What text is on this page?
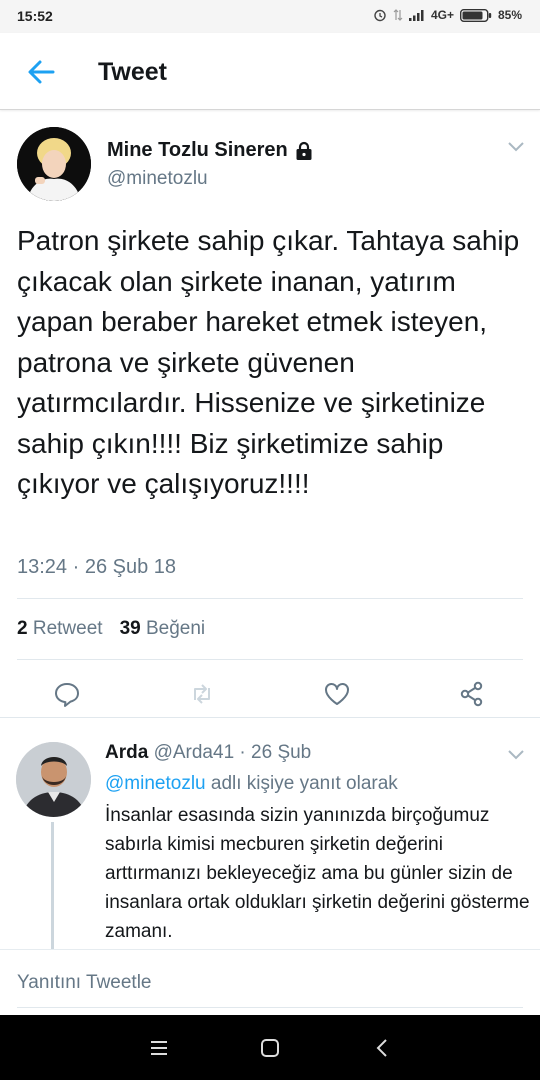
15:52	4G+	85%
Tweet
Mine Tozlu Sineren
@minetozlu

Patron şirkete sahip çıkar. Tahtaya sahip çıkacak olan şirkete inanan, yatırım yapan beraber hareket etmek isteyen, patrona ve şirkete güvenen yatırmcılardır. Hissenize ve şirketinize sahip çıkın!!!! Biz şirketimize sahip çıkıyor ve çalışıyoruz!!!!

13:24 · 26 Şub 18
2 Retweet 39 Beğeni
Arda @Arda41 · 26 Şub
@minetozlu adlı kişiye yanıt olarak

İnsanlar esasında sizin yanınızda birçoğumuz sabırla kimisi mecburen şirketin değerini arttırmanızı bekleyeceğiz ama bu günler sizin de insanlara ortak oldukları şirketin değerini gösterme zamanı.

Yanıtını Tweetle
